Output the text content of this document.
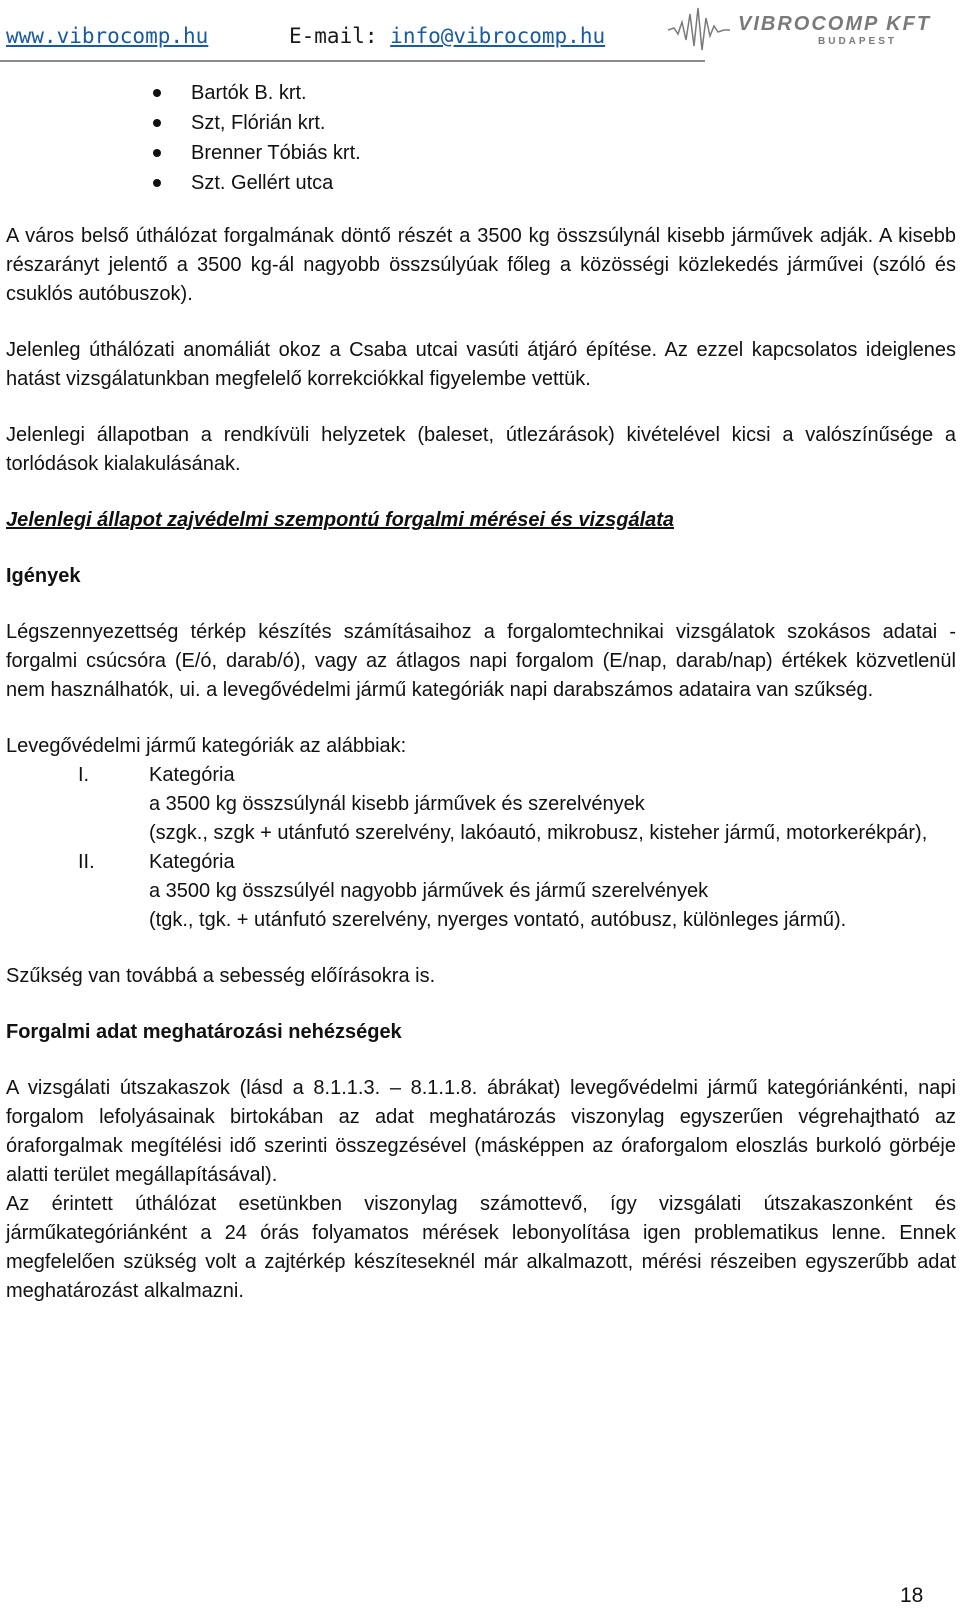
www.vibrocomp.hu	E-mail: info@vibrocomp.hu	VIBROCOMP KFT
BUDAPEST
Bartók B. krt.
Szt, Flórián krt.
Brenner Tóbiás krt.
Szt. Gellért utca

A város belső úthálózat forgalmának döntő részét a 3500 kg összsúlynál kisebb járművek adják. A kisebb részarányt jelentő a 3500 kg-ál nagyobb összsúlyúak főleg a közösségi közlekedés járművei (szóló és csuklós autóbuszok).

Jelenleg úthálózati anomáliát okoz a Csaba utcai vasúti átjáró építése. Az ezzel kapcsolatos ideiglenes hatást vizsgálatunkban megfelelő korrekciókkal figyelembe vettük.

Jelenlegi állapotban a rendkívüli helyzetek (baleset, útlezárások) kivételével kicsi a valószínűsége a torlódások kialakulásának.

Jelenlegi állapot zajvédelmi szempontú forgalmi mérései és vizsgálata
Igények

Légszennyezettség térkép készítés számításaihoz a forgalomtechnikai vizsgálatok szokásos adatai - forgalmi csúcsóra (E/ó, darab/ó), vagy az átlagos napi forgalom (E/nap, darab/nap) értékek közvetlenül nem használhatók, ui. a levegővédelmi jármű kategóriák napi darabszámos adataira van szűkség.

Levegővédelmi jármű kategóriák az alábbiak:
I.	Kategória
a 3500 kg összsúlynál kisebb járművek és szerelvények
(szgk., szgk + utánfutó szerelvény, lakóautó, mikrobusz, kisteher jármű, motorkerékpár),
II.	Kategória
a 3500 kg összsúlyél nagyobb járművek és jármű szerelvények
(tgk., tgk. + utánfutó szerelvény, nyerges vontató, autóbusz, különleges jármű).

Szűkség van továbbá a sebesség előírásokra is.

Forgalmi adat meghatározási nehézségek

A vizsgálati útszakaszok (lásd a 8.1.1.3. – 8.1.1.8. ábrákat) levegővédelmi jármű kategóriánkénti, napi forgalom lefolyásainak birtokában az adat meghatározás viszonylag egyszerűen végrehajtható az óraforgalmak megítélési idő szerinti összegzésével (másképpen az óraforgalom eloszlás burkoló görbéje alatti terület megállapításával).

Az érintett úthálózat esetünkben viszonylag számottevő, így vizsgálati útszakaszonként és járműkategóriánként a 24 órás folyamatos mérések lebonyolítása igen problematikus lenne. Ennek megfelelően szükség volt a zajtérkép készíteseknél már alkalmazott, mérési részeiben egyszerűbb adat meghatározást alkalmazni.

18
